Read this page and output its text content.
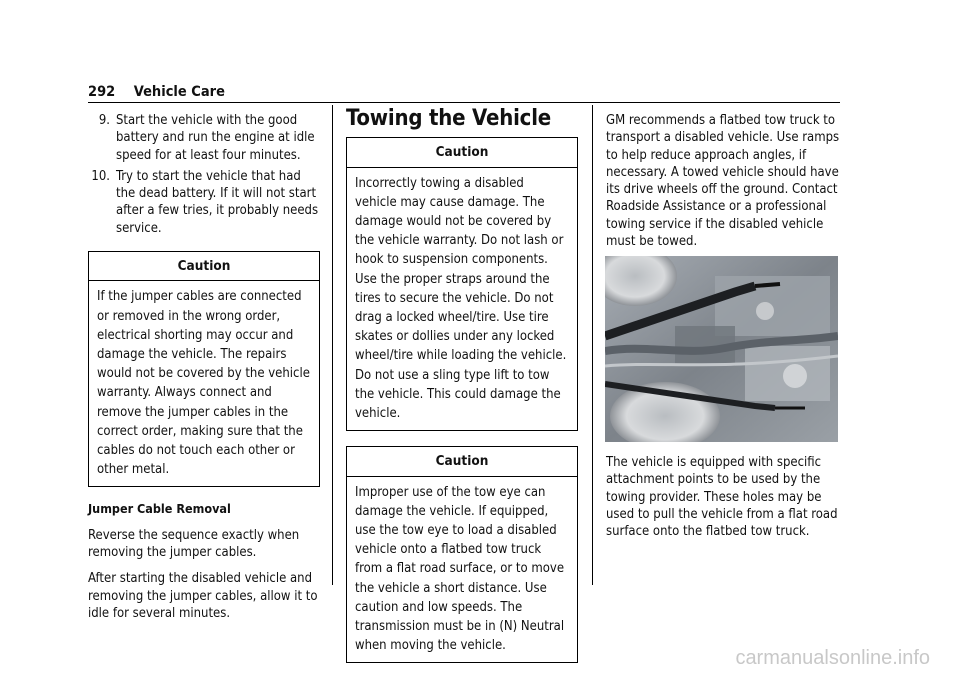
292 Vehicle Care
9. Start the vehicle with the good battery and run the engine at idle speed for at least four minutes.
10. Try to start the vehicle that had the dead battery. If it will not start after a few tries, it probably needs service.
Caution
If the jumper cables are connected or removed in the wrong order, electrical shorting may occur and damage the vehicle. The repairs would not be covered by the vehicle warranty. Always connect and remove the jumper cables in the correct order, making sure that the cables do not touch each other or other metal.

Jumper Cable Removal

Reverse the sequence exactly when removing the jumper cables.

After starting the disabled vehicle and removing the jumper cables, allow it to idle for several minutes.

Towing the Vehicle
Caution
Incorrectly towing a disabled vehicle may cause damage. The damage would not be covered by the vehicle warranty. Do not lash or hook to suspension components. Use the proper straps around the tires to secure the vehicle. Do not drag a locked wheel/tire. Use tire skates or dollies under any locked wheel/tire while loading the vehicle. Do not use a sling type lift to tow the vehicle. This could damage the vehicle.
Caution
Improper use of the tow eye can damage the vehicle. If equipped, use the tow eye to load a disabled vehicle onto a flatbed tow truck from a flat road surface, or to move the vehicle a short distance. Use caution and low speeds. The transmission must be in (N) Neutral when moving the vehicle.

GM recommends a flatbed tow truck to transport a disabled vehicle. Use ramps to help reduce approach angles, if necessary. A towed vehicle should have its drive wheels off the ground. Contact Roadside Assistance or a professional towing service if the disabled vehicle must be towed.

The vehicle is equipped with specific attachment points to be used by the towing provider. These holes may be used to pull the vehicle from a flat road surface onto the flatbed tow truck.

carmanualsonline.info
